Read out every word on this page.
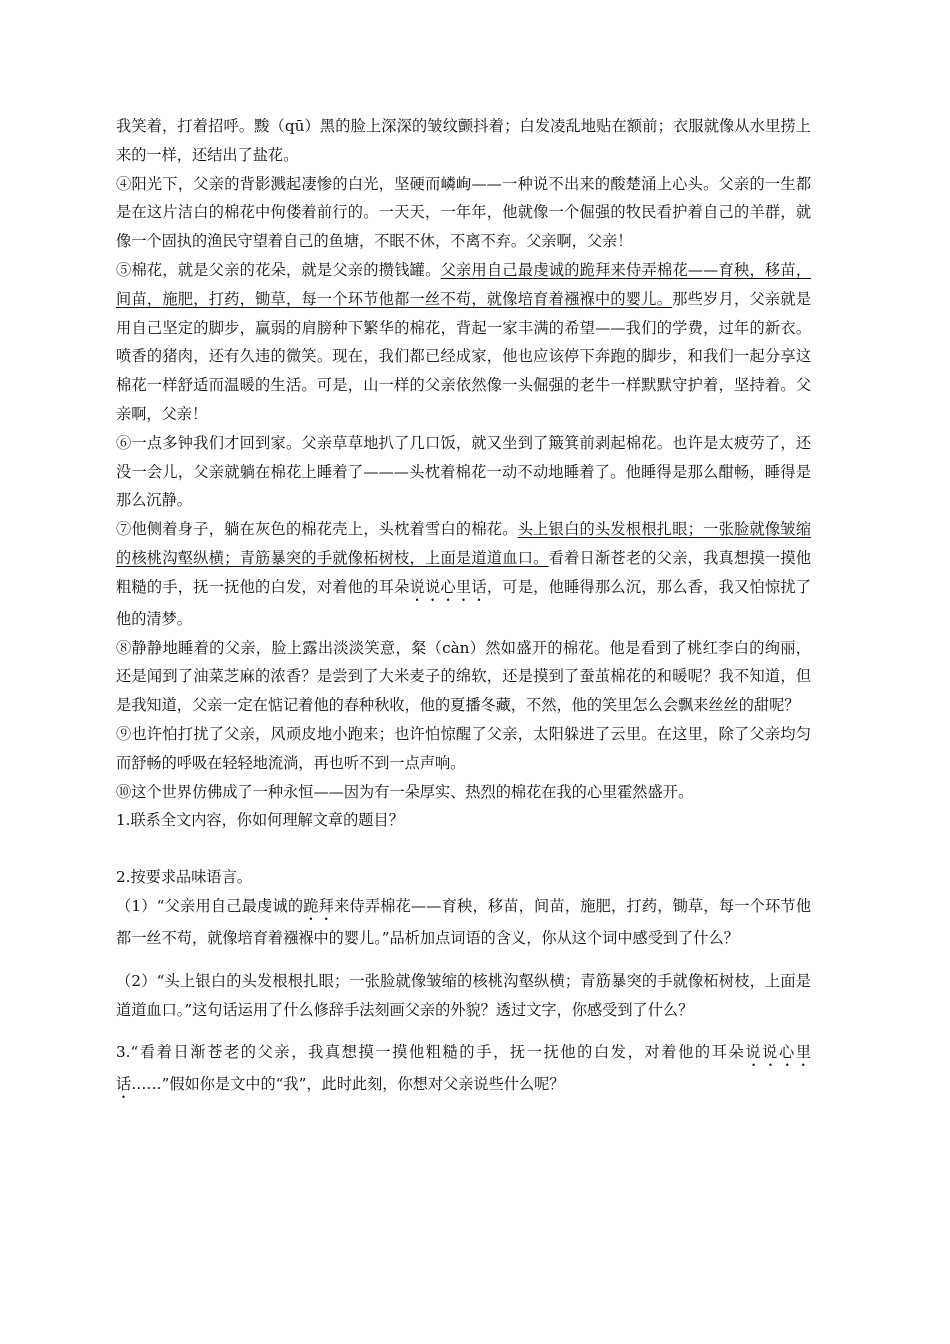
我笑着，打着招呼。黢（qū）黑的脸上深深的皱纹颤抖着；白发凌乱地贴在额前；衣服就像从水里捞上来的一样，还结出了盐花。

④阳光下，父亲的背影溅起凄惨的白光，坚硬而嶙峋——一种说不出来的酸楚涌上心头。父亲的一生都是在这片洁白的棉花中佝偻着前行的。一天天，一年年，他就像一个倔强的牧民看护着自己的羊群，就像一个固执的渔民守望着自己的鱼塘，不眠不休，不离不弃。父亲啊，父亲！

⑤棉花，就是父亲的花朵，就是父亲的攒钱罐。父亲用自己最虔诚的跪拜来侍弄棉花——育秧，移苗，间苗，施肥，打药，锄草，每一个环节他都一丝不苟，就像培育着襁褓中的婴儿。那些岁月，父亲就是用自己坚定的脚步，赢弱的肩膀种下繁华的棉花，背起一家丰满的希望——我们的学费，过年的新衣。喷香的猪肉，还有久违的微笑。现在，我们都已经成家，他也应该停下奔跑的脚步，和我们一起分享这棉花一样舒适而温暖的生活。可是，山一样的父亲依然像一头倔强的老牛一样默默守护着，坚持着。父亲啊，父亲！

⑥一点多钟我们才回到家。父亲草草地扒了几口饭，就又坐到了簸箕前剥起棉花。也许是太疲劳了，还没一会儿，父亲就躺在棉花上睡着了———头枕着棉花一动不动地睡着了。他睡得是那么酣畅，睡得是那么沉静。

⑦他侧着身子，躺在灰色的棉花壳上，头枕着雪白的棉花。头上银白的头发根根扎眼；一张脸就像皱缩的核桃沟壑纵横；青筋暴突的手就像柘树枝，上面是道道血口。看着日渐苍老的父亲，我真想摸一摸他粗糙的手，抚一抚他的白发，对着他的耳朵说说心里话，可是，他睡得那么沉，那么香，我又怕惊扰了他的清梦。

⑧静静地睡着的父亲，脸上露出淡淡笑意，粲（càn）然如盛开的棉花。他是看到了桃红李白的绚丽，还是闻到了油菜芝麻的浓香？是尝到了大米麦子的绵软，还是摸到了蚕茧棉花的和暖呢？我不知道，但是我知道，父亲一定在惦记着他的春种秋收，他的夏播冬藏，不然，他的笑里怎么会飘来丝丝的甜呢？

⑨也许怕打扰了父亲，风顽皮地小跑来；也许怕惊醒了父亲，太阳躲进了云里。在这里，除了父亲均匀而舒畅的呼吸在轻轻地流淌，再也听不到一点声响。

⑩这个世界仿佛成了一种永恒——因为有一朵厚实、热烈的棉花在我的心里霍然盛开。

1.联系全文内容，你如何理解文章的题目？

2.按要求品味语言。

（1）“父亲用自己最虔诚的跪拜来侍弄棉花——育秧，移苗，间苗，施肥，打药，锄草，每一个环节他都一丝不苟，就像培育着襁褓中的婴儿。”品析加点词语的含义，你从这个词中感受到了什么？

（2）“头上银白的头发根根扎眼；一张脸就像皱缩的核桃沟壑纵横；青筋暴突的手就像柘树枝，上面是道道血口。”这句话运用了什么修辞手法刻画父亲的外貌？透过文字，你感受到了什么？

3.“看着日渐苍老的父亲，我真想摸一摸他粗糙的手，抚一抚他的白发，对着他的耳朵说说心里话……”假如你是文中的“我”，此时此刻，你想对父亲说些什么呢？
